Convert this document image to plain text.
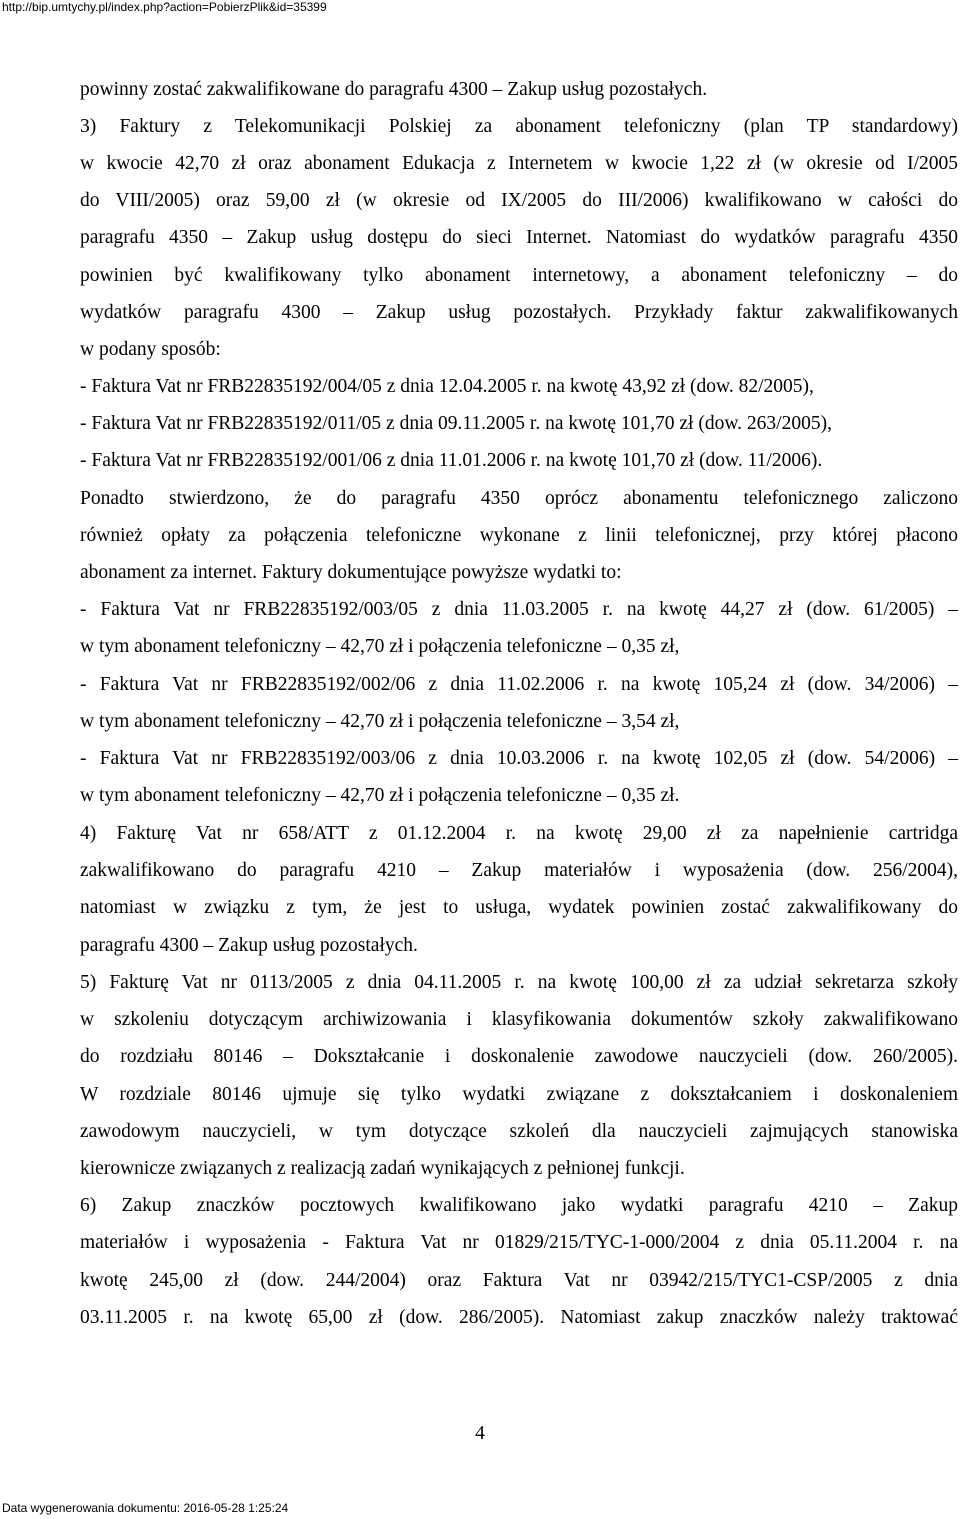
http://bip.umtychy.pl/index.php?action=PobierzPlik&id=35399
powinny zostać zakwalifikowane do paragrafu 4300 – Zakup usług pozostałych.
3) Faktury z Telekomunikacji Polskiej za abonament telefoniczny (plan TP standardowy)
w kwocie 42,70 zł oraz abonament Edukacja z Internetem w kwocie 1,22 zł (w okresie od I/2005
do VIII/2005) oraz 59,00 zł (w okresie od IX/2005 do III/2006) kwalifikowano w całości do
paragrafu 4350 – Zakup usług dostępu do sieci Internet. Natomiast do wydatków paragrafu 4350
powinien być kwalifikowany tylko abonament internetowy, a abonament telefoniczny – do
wydatków paragrafu 4300 – Zakup usług pozostałych. Przykłady faktur zakwalifikowanych
w podany sposób:
- Faktura Vat nr FRB22835192/004/05 z dnia 12.04.2005 r. na kwotę 43,92 zł (dow. 82/2005),
- Faktura Vat nr FRB22835192/011/05 z dnia 09.11.2005 r. na kwotę 101,70 zł (dow. 263/2005),
- Faktura Vat nr FRB22835192/001/06 z dnia 11.01.2006 r. na kwotę 101,70 zł (dow. 11/2006).
Ponadto stwierdzono, że do paragrafu 4350 oprócz abonamentu telefonicznego zaliczono
również opłaty za połączenia telefoniczne wykonane z linii telefonicznej, przy której płacono
abonament za internet. Faktury dokumentujące powyższe wydatki to:
- Faktura Vat nr FRB22835192/003/05 z dnia 11.03.2005 r. na kwotę 44,27 zł (dow. 61/2005) –
w tym abonament telefoniczny – 42,70 zł i połączenia telefoniczne – 0,35 zł,
- Faktura Vat nr FRB22835192/002/06 z dnia 11.02.2006 r. na kwotę 105,24 zł (dow. 34/2006) –
w tym abonament telefoniczny – 42,70 zł i połączenia telefoniczne – 3,54 zł,
- Faktura Vat nr FRB22835192/003/06 z dnia 10.03.2006 r. na kwotę 102,05 zł (dow. 54/2006) –
w tym abonament telefoniczny – 42,70 zł i połączenia telefoniczne – 0,35 zł.
4) Fakturę Vat nr 658/ATT z 01.12.2004 r. na kwotę 29,00 zł za napełnienie cartridga
zakwalifikowano do paragrafu 4210 – Zakup materiałów i wyposażenia (dow. 256/2004),
natomiast w związku z tym, że jest to usługa, wydatek powinien zostać zakwalifikowany do
paragrafu 4300 – Zakup usług pozostałych.
5) Fakturę Vat nr 0113/2005 z dnia 04.11.2005 r. na kwotę 100,00 zł za udział sekretarza szkoły
w szkoleniu dotyczącym archiwizowania i klasyfikowania dokumentów szkoły zakwalifikowano
do rozdziału 80146 – Dokształcanie i doskonalenie zawodowe nauczycieli (dow. 260/2005).
W rozdziale 80146 ujmuje się tylko wydatki związane z dokształcaniem i doskonaleniem
zawodowym nauczycieli, w tym dotyczące szkoleń dla nauczycieli zajmujących stanowiska
kierownicze związanych z realizacją zadań wynikających z pełnionej funkcji.
6) Zakup znaczków pocztowych kwalifikowano jako wydatki paragrafu 4210 – Zakup
materiałów i wyposażenia - Faktura Vat nr 01829/215/TYC-1-000/2004 z dnia 05.11.2004 r. na
kwotę 245,00 zł (dow. 244/2004) oraz Faktura Vat nr 03942/215/TYC1-CSP/2005 z dnia
03.11.2005 r. na kwotę 65,00 zł (dow. 286/2005). Natomiast zakup znaczków należy traktować
4
Data wygenerowania dokumentu: 2016-05-28 1:25:24
